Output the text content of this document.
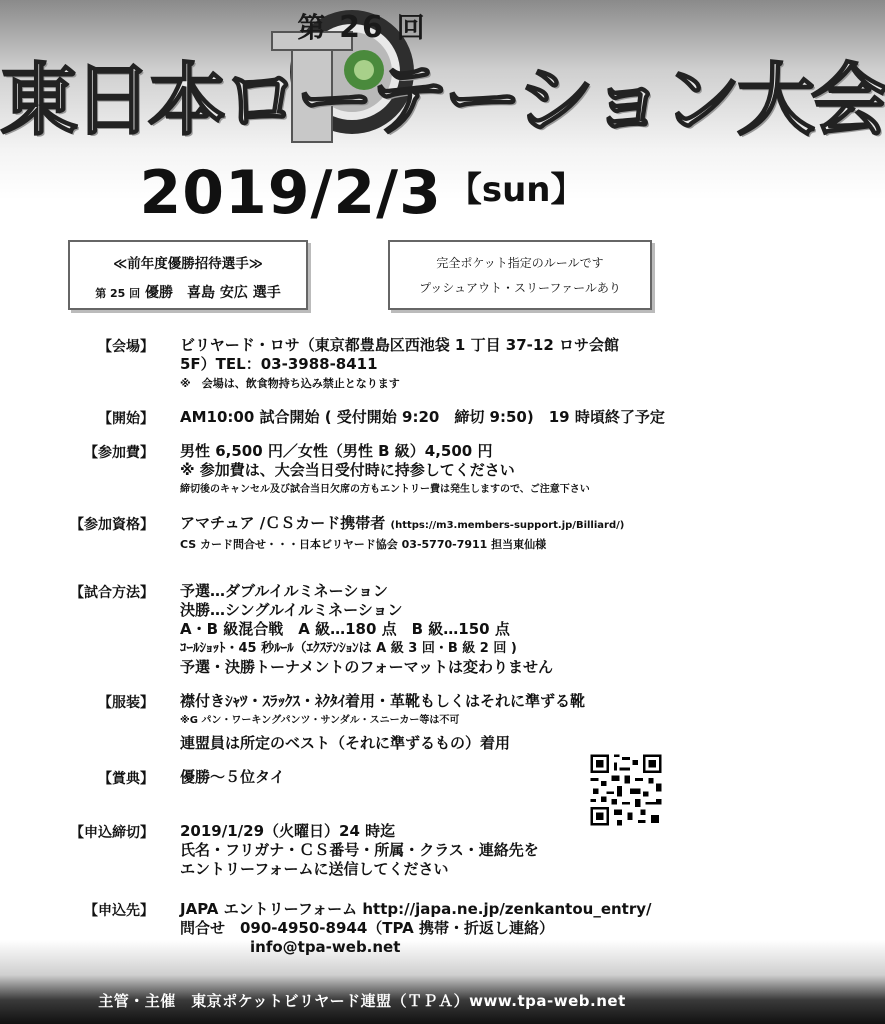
第 26 回
東日本ローテーション大会
2019/2/3 【sun】
≪前年度優勝招待選手≫
第 25 回 優勝　喜島 安広 選手
完全ポケット指定のルールです
プッシュアウト・スリーファールあり
【会場】 ビリヤード・ロサ（東京都豊島区西池袋 1 丁目 37-12 ロサ会館
5F）TEL：03-3988-8411
※　会場は、飲食物持ち込み禁止となります
【開始】 AM10:00 試合開始 ( 受付開始 9:20　締切 9:50)　19 時頃終了予定
【参加費】 男性 6,500 円／女性（男性 B 級）4,500 円
※ 参加費は、大会当日受付時に持参してください
締切後のキャンセル及び試合当日欠席の方もエントリー費は発生しますので、ご注意下さい
【参加資格】 アマチュア /ＣＳカード携帯者 (https://m3.members-support.jp/Billiard/)
CS カード問合せ・・・日本ビリヤード協会 03-5770-7911 担当東仙様
【試合方法】 予選…ダブルイルミネーション
決勝…シングルイルミネーション
A・B 級混合戦　A 級…180 点　B 級…150 点
ｺｰﾙｼｮｯﾄ・45 秒ﾙｰﾙ（ｴｸｽﾃﾝｼｮﾝは A 級 3 回・B 級 2 回 )
予選・決勝トーナメントのフォーマットは変わりません
【服装】 襟付きｼｬﾂ・ｽﾗｯｸｽ・ﾈｸﾀｲ着用・革靴もしくはそれに準ずる靴
※G パン・ワーキングパンツ・サンダル・スニーカー等は不可
連盟員は所定のベスト（それに準ずるもの）着用
【賞典】 優勝～５位タイ
【申込締切】 2019/1/29（火曜日）24 時迄
氏名・フリガナ・ＣＳ番号・所属・クラス・連絡先を
エントリーフォームに送信してください
【申込先】 JAPA エントリーフォーム http://japa.ne.jp/zenkantou_entry/
問合せ　090-4950-8944（TPA 携帯・折返し連絡）
info@tpa-web.net
主管・主催　東京ポケットビリヤード連盟（ＴＰＡ）www.tpa-web.net
